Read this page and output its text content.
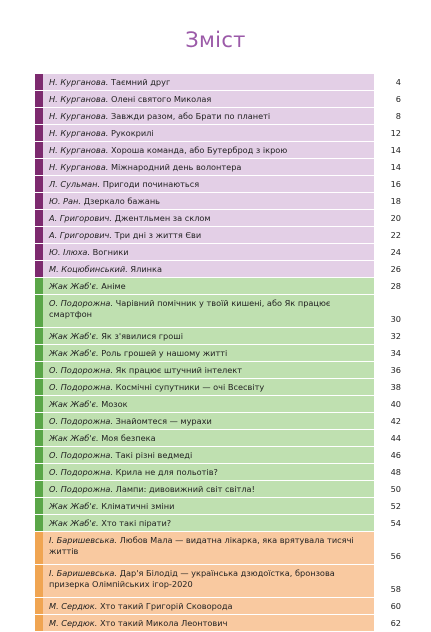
Зміст
Н. Курганова. Таємний друг	4
Н. Курганова. Олені святого Миколая	6
Н. Курганова. Завжди разом, або Брати по планеті	8
Н. Курганова. Рукокрилі	12
Н. Курганова. Хороша команда, або Бутерброд з ікрою	14
Н. Курганова. Міжнародний день волонтера	14
Л. Сульман. Пригоди починаються	16
Ю. Ран. Дзеркало бажань	18
А. Григорович. Джентльмен за склом	20
А. Григорович. Три дні з життя Єви	22
Ю. Ілюха. Вогники	24
М. Коцюбинський. Ялинка	26
Жак Жаб'є. Аніме	28
О. Подорожна. Чарівний помічник у твоїй кишені, або Як працює смартфон	30
Жак Жаб'є. Як з'явилися гроші	32
Жак Жаб'є. Роль грошей у нашому житті	34
О. Подорожна. Як працює штучний інтелект	36
О. Подорожна. Космічні супутники — очі Всесвіту	38
Жак Жаб'є. Мозок	40
О. Подорожна. Знайомтеся — мурахи	42
Жак Жаб'є. Моя безпека	44
О. Подорожна. Такі різні ведмеді	46
О. Подорожна. Крила не для польотів?	48
О. Подорожна. Лампи: дивовижний світ світла!	50
Жак Жаб'є. Кліматичні зміни	52
Жак Жаб'є. Хто такі пірати?	54
І. Баришевська. Любов Мала — видатна лікарка, яка врятувала тисячі життів	56
І. Баришевська. Дар'я Білодід — українська дзюдоїстка, бронзова призерка Олімпійських ігор-2020	58
М. Сердюк. Хто такий Григорій Сковорода	60
М. Сердюк. Хто такий Микола Леонтович	62
